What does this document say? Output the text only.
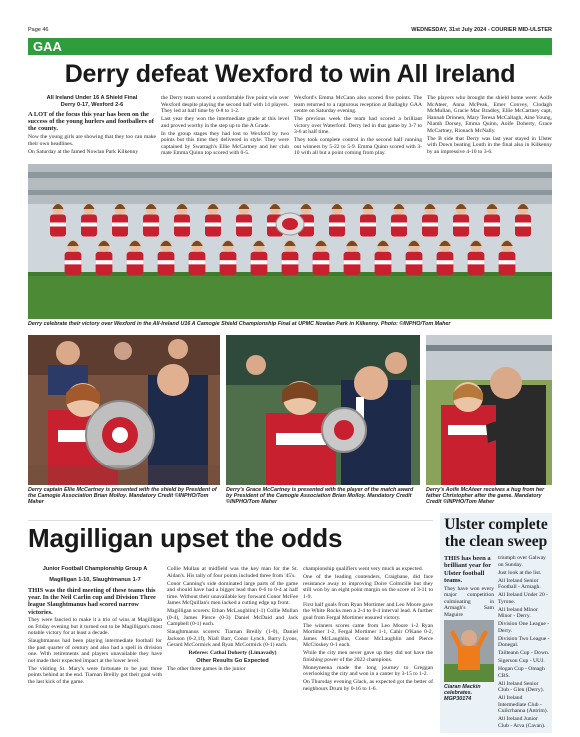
Page 46	WEDNESDAY, 31st July 2024 - COURIER MID-ULSTER
GAA
Derry defeat Wexford to win All Ireland
All Ireland Under 16 A Shield Final
Derry 0-17, Wexford 2-6

A LOT of the focus this year has been on the success of the young hurlers and footballers of the county.

Now the young girls are showing that they too can make their own headlines.

On Saturday at the famed Nowlan Park Kilkenny

the Derry team scored a comfortable five point win over Wexford despite playing the second half with 14 players. They led at half time by 0-8 to 1-2.

Last year they won the intermediate grade at this level and proved worthy in the step up to the A Grade.

In the group stages they had lost to Wexford by two points but this time they delivered in style. They were captained by Swatragh's Ellie McCartney and her club mate Emma Quinn top scored with 0-5.

Wexford's Emma McCann also scored five points. The team returned to a rapturous reception at Ballaghy GAA centre on Saturday evening.

The previous week the team had scored a brilliant victory over Waterford. Derry led in that game by 3-7 to 3-6 at half time.

They took complete control in the second half running out winners by 5-22 to 5-9. Emma Quinn scored with 3-10 with all but a point coming from play.

The players who brought the shield home were: Aoife McAteer, Anna McPeak, Emer Convey, Clodagh McMullan, Gracie Mac Bradley, Ellie McCartney capt, Hannah Drinnen, Mary Teresa McCallagh, Aine Young, Niamh Dorsey, Emma Quinn, Aoife Doherty, Grace McCartney, Rionach McNally.

The B side that Derry was last year stayed in Ulster with Down beating Louth in the final also in Kilkenny by an impressive 4-10 to 3-6.

Derry celebrate their victory over Wexford in the All-Ireland U16 A Camogie Shield Championship Final at UPMC Nowlan Park in Kilkenny. Photo: ©INPHO/Tom Maher
Derry captain Ellie McCartney is presented with the shield by President of the Camogie Association Brian Molloy. Mandatory Credit ©INPHO/Tom Maher
Derry's Grace McCartney is presented with the player of the match award by President of the Camogie Association Brian Molloy. Mandatory Credit ©INPHO/Tom Maher
Derry's Aoife McAteer receives a hug from her father Christopher after the game. Mandatory Credit ©INPHO/Tom Maher
Magilligan upset the odds
Junior Football Championship Group A
Magilligan 1-10, Slaughtmanus 1-7

THIS was the third meeting of these teams this year. In the Neil Carlin cup and Division Three league Slaughtmanus had scored narrow victories.

They were fancied to make it a trio of wins at Magilligan on Friday evening but it turned out to be Magilligan's most notable victory for at least a decade.

Slaughtmanus had been playing intermediate football for the past quarter of century and also had a spell in division one. With retirements and players unavailable they have not made their expected impact at the lower level.

The visiting St. Mary's were fortunate to be just three points behind at the end. Tiarnan Breilly got their goal with the last kick of the game.

Collie Mullan at midfield was the key man for the St. Aidan's. His tally of four points included three from '45's.

Conor Canning's side dominated large parts of the game and should have had a bigger lead than 0-6 to 0-4 at half time. Without their unavailable key forward Conor McFee James McQuillan's men lacked a cutting edge up front.

Magilligan scorers: Ethan McLaughlin(1-1) Collie Mullan (0-4), James Pierce (0-3) Daniel McDaid and Jack Campbell (0-1) each.

Slaughtmanus scorers: Tiarnan Breilly (1-0), Daniel Jackson (0-2,1f), Niall Barr, Conor Lynch, Barry Lyons, Gerard McCormick and Ryan McCormick (0-1) each.

Referee: Cathal Doherty (Limavady)

Other Results Go Expected

The other three games in the junior

championship qualifiers went very much as expected.

One of the leading contenders, Craigbane, did face resistance away to improving Doire Colmcille but they still won by an eight point margin on the score of 3-11 to 1-9.

First half goals from Ryan Mortimer and Leo Moore gave the White Rocks men a 2-4 to 0-4 interval lead. A further goal from Fergal Mortimer ensured victory.

The winners scores came from Leo Moore 1-2 Ryan Mortimer 1-2, Fergal Mortimer 1-1, Cahir O'Kane 0-2, James McLaughlin, Conor McLaughlin and Pierce McCloskey 0-1 each.

While the city men never gave up they did not have the finishing power of the 2022 champions.

Moneyneena made the long journey to Greggan overlooking the city and won in a canter by 3-15 to 1-2.

On Thursday evening Glack, as expected got the better of neighbours Drum by 0-16 to 1-6.

Ulster complete the clean sweep

THIS has been a brilliant year for Ulster football teams.

They have won every major competition culminating in Armagh's Sam Maguire

Ciaran Mackin celebrates. MGP30174

triumph over Galway on Sunday.

Just look at the list.

All Ireland Senior Football - Armagh.

All Ireland Under 20 - Tyrone.

All Ireland Minor Minor - Derry.

Division One League - Derry.

Division Two League - Donegal.

Tailteann Cup - Down.

Sigerson Cup - UUJ.

Hogan Cup - Omagh CBS.

All Ireland Senior Club - Glen (Derry).

All Ireland Intermediate Club - Cuilcrhanna (Antrim).

All Ireland Junior Club - Arva (Cavan).
